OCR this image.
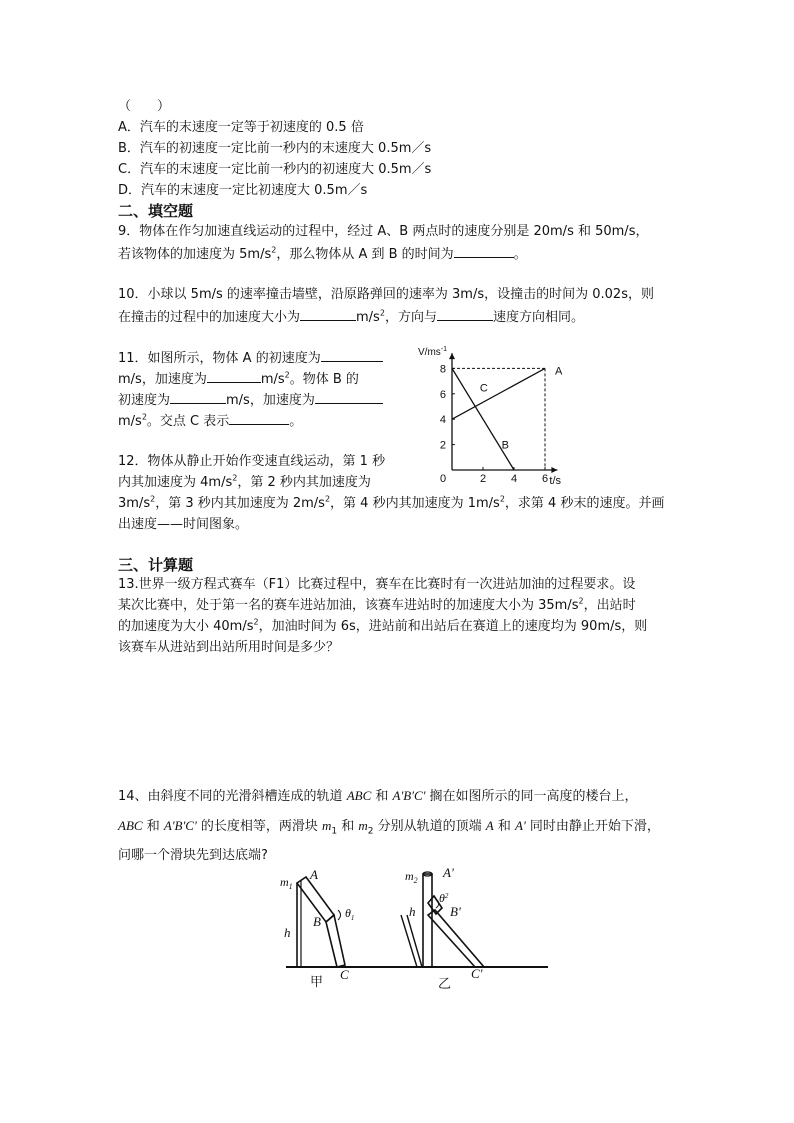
（　　）
A．汽车的末速度一定等于初速度的 0.5 倍
B．汽车的初速度一定比前一秒内的末速度大 0.5m／s
C．汽车的末速度一定比前一秒内的初速度大 0.5m／s
D．汽车的末速度一定比初速度大 0.5m／s
二、填空题
9．物体在作匀加速直线运动的过程中，经过 A、B 两点时的速度分别是 20m/s 和 50m/s，
若该物体的加速度为 $5m/s^2$，那么物体从 A 到 B 的时间为	。
10．小球以 5m/s 的速率撞击墙壁，沿原路弹回的速率为 3m/s，设撞击的时间为 0.02s，则
在撞击的过程中的加速度大小为	$m/s^2$，方向与	速度方向相同。
11．如图所示，物体 A 的初速度为
m/s，加速度为	$m/s^2$。物体 B 的
初速度为	m/s，加速度为
$m/s^2$。交点 C 表示	。
12．物体从静止开始作变速直线运动，第 1 秒
内其加速度为 $4m/s^2$，第 2 秒内其加速度为
$3m/s^2$，第 3 秒内其加速度为 $2m/s^2$，第 4 秒内其加速度为 $1m/s^2$，求第 4 秒末的速度。并画
出速度——时间图象。
2 4 6
2
4
6
8
0
$V/ms^{-1}$
t/s
A
B
C
三、计算题
13.世界一级方程式赛车（F1）比赛过程中，赛车在比赛时有一次进站加油的过程要求。设
某次比赛中，处于第一名的赛车进站加油，该赛车进站时的加速度大小为 $35m/s^2$，出站时
的加速度为大小 $40m/s^2$，加油时间为 6s，进站前和出站后在赛道上的速度均为 90m/s，则
该赛车从进站到出站所用时间是多少？
14、由斜度不同的光滑斜槽连成的轨道 ABC 和 A'B'C' 搁在如图所示的同一高度的楼台上，
ABC 和 A'B'C' 的长度相等，两滑块 $m_1$ 和 $m_2$ 分别从轨道的顶端 A 和 A' 同时由静止开始下滑，
问哪一个滑块先到达底端?
$m_1$
A
B
h
C
$\theta_1$
甲
$m_2$
h
A'
B'
C'
$\theta^2$
乙
